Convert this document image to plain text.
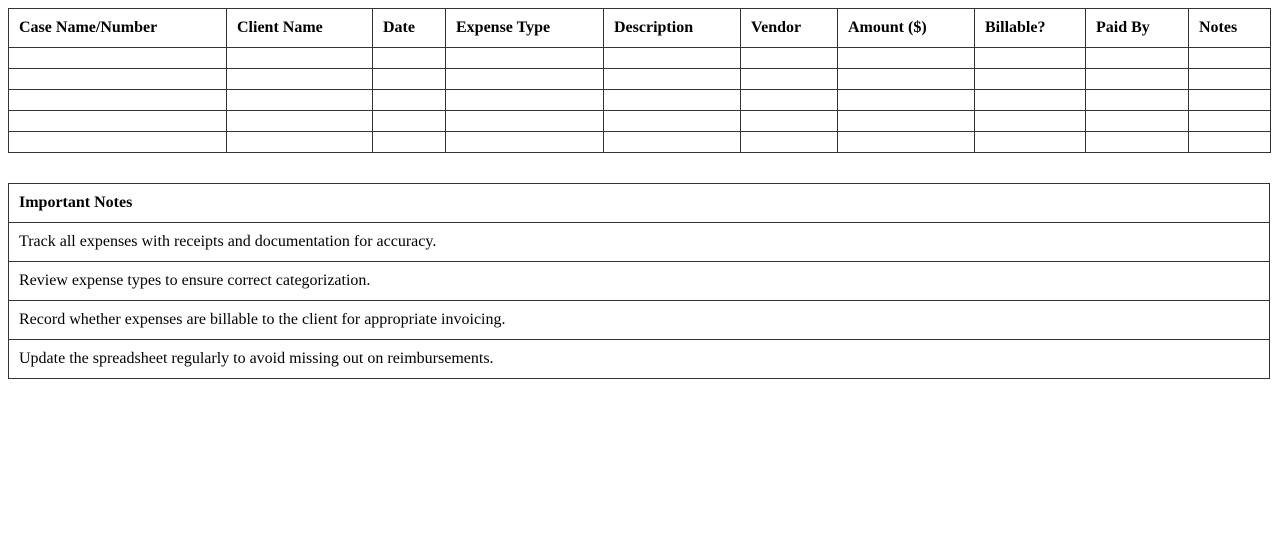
Case Name/Number	Client Name	Date	Expense Type	Description	Vendor	Amount ($)	Billable?	Paid By	Notes

Important Notes
Track all expenses with receipts and documentation for accuracy.
Review expense types to ensure correct categorization.
Record whether expenses are billable to the client for appropriate invoicing.
Update the spreadsheet regularly to avoid missing out on reimbursements.
